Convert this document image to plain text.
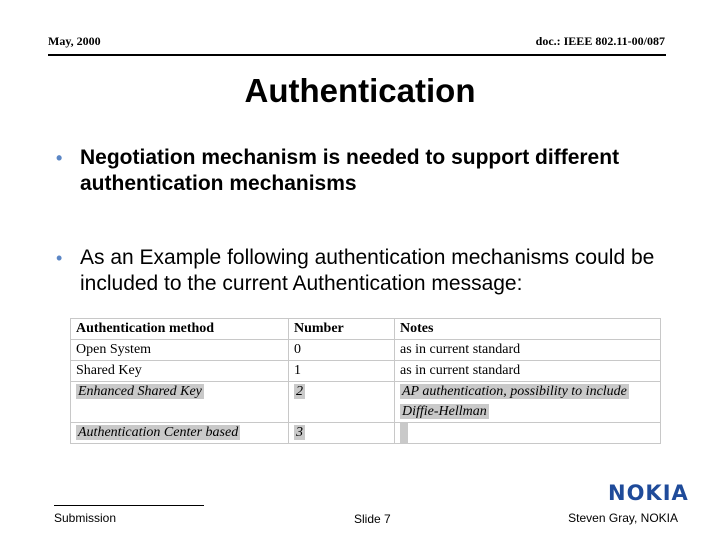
May, 2000	doc.: IEEE 802.11-00/087
Authentication
• Negotiation mechanism is needed to support different authentication mechanisms
• As an Example following authentication mechanisms could be included to the current Authentication message:
Authentication method	Number	Notes
Open System	0	as in current standard
Shared Key	1	as in current standard
Enhanced Shared Key	2	AP authentication, possibility to include
Diffie-Hellman
Authentication Center based	3	
Submission	Slide 7
NOKIA
Steven Gray, NOKIA
